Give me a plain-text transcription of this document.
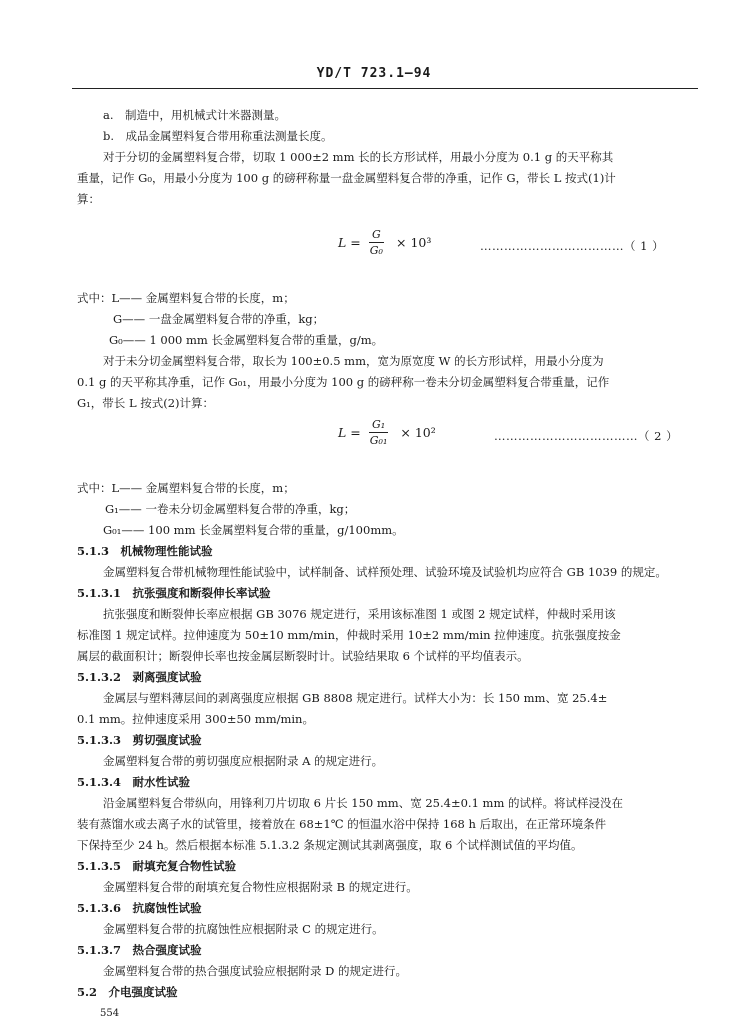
YD/T 723.1—94
a.　制造中，用机械式计米器测量。
b.　成品金属塑料复合带用称重法测量长度。
对于分切的金属塑料复合带，切取 1 000±2 mm 长的长方形试样，用最小分度为 0.1 g 的天平称其
重量，记作 G₀，用最小分度为 100 g 的磅秤称量一盘金属塑料复合带的净重，记作 G，带长 L 按式(1)计
算：
$L = \frac{G}{\text{G₀}} \times 10^3$	………………………………（ 1 ）
式中：L—— 金属塑料复合带的长度，m；
G—— 一盘金属塑料复合带的净重，kg；
G₀—— 1 000 mm 长金属塑料复合带的重量，g/m。
对于未分切金属塑料复合带，取长为 100±0.5 mm，宽为原宽度 W 的长方形试样，用最小分度为
0.1 g 的天平称其净重，记作 G₀₁，用最小分度为 100 g 的磅秤称一卷未分切金属塑料复合带重量，记作
G₁，带长 L 按式(2)计算：
$L = \frac{\text{G₁}}{\text{G₀₁}} \times 10^2$	………………………………（ 2 ）
式中：L—— 金属塑料复合带的长度，m；
G₁—— 一卷未分切金属塑料复合带的净重，kg；
G₀₁—— 100 mm 长金属塑料复合带的重量，g/100mm。
5.1.3　机械物理性能试验
金属塑料复合带机械物理性能试验中，试样制备、试样预处理、试验环境及试验机均应符合 GB 1039 的规定。
5.1.3.1　抗张强度和断裂伸长率试验
抗张强度和断裂伸长率应根据 GB 3076 规定进行，采用该标准图 1 或图 2 规定试样，仲裁时采用该
标准图 1 规定试样。拉伸速度为 50±10 mm/min，仲裁时采用 10±2 mm/min 拉伸速度。抗张强度按金
属层的截面积计；断裂伸长率也按金属层断裂时计。试验结果取 6 个试样的平均值表示。
5.1.3.2　剥离强度试验
金属层与塑料薄层间的剥离强度应根据 GB 8808 规定进行。试样大小为：长 150 mm、宽 25.4±
0.1 mm。拉伸速度采用 300±50 mm/min。
5.1.3.3　剪切强度试验
金属塑料复合带的剪切强度应根据附录 A 的规定进行。
5.1.3.4　耐水性试验
沿金属塑料复合带纵向，用锋利刀片切取 6 片长 150 mm、宽 25.4±0.1 mm 的试样。将试样浸没在
装有蒸馏水或去离子水的试管里，接着放在 68±1℃ 的恒温水浴中保持 168 h 后取出，在正常环境条件
下保持至少 24 h。然后根据本标准 5.1.3.2 条规定测试其剥离强度，取 6 个试样测试值的平均值。
5.1.3.5　耐填充复合物性试验
金属塑料复合带的耐填充复合物性应根据附录 B 的规定进行。
5.1.3.6　抗腐蚀性试验
金属塑料复合带的抗腐蚀性应根据附录 C 的规定进行。
5.1.3.7　热合强度试验
金属塑料复合带的热合强度试验应根据附录 D 的规定进行。
5.2　介电强度试验
554
